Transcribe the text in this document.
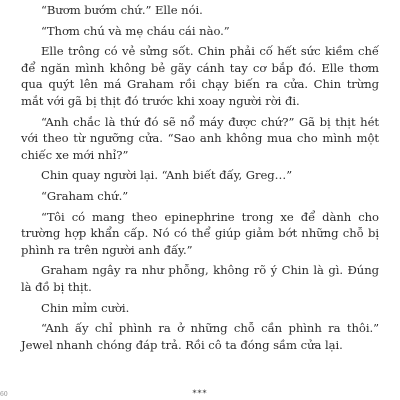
“Bươm bướm chứ.” Elle nói.

“Thơm chú và mẹ cháu cái nào.”

Elle trông có vẻ sửng sốt. Chin phải cố hết sức kiềm chế để ngăn mình không bẻ gãy cánh tay cơ bắp đó. Elle thơm qua quýt lên má Graham rồi chạy biến ra cửa. Chin trừng mắt với gã bị thịt đó trước khi xoay người rời đi.

“Anh chắc là thứ đó sẽ nổ máy được chứ?” Gã bị thịt hét với theo từ ngưỡng cửa. “Sao anh không mua cho mình một chiếc xe mới nhỉ?”

Chin quay người lại. “Anh biết đấy, Greg…”

“Graham chứ.”

“Tôi có mang theo epinephrine trong xe để dành cho trường hợp khẩn cấp. Nó có thể giúp giảm bớt những chỗ bị phình ra trên người anh đấy.”

Graham ngây ra như phỗng, không rõ ý Chin là gì. Đúng là đồ bị thịt.

Chin mỉm cười.

“Anh ấy chỉ phình ra ở những chỗ cần phình ra thôi.” Jewel nhanh chóng đáp trả. Rồi cô ta đóng sầm cửa lại.

60	***
